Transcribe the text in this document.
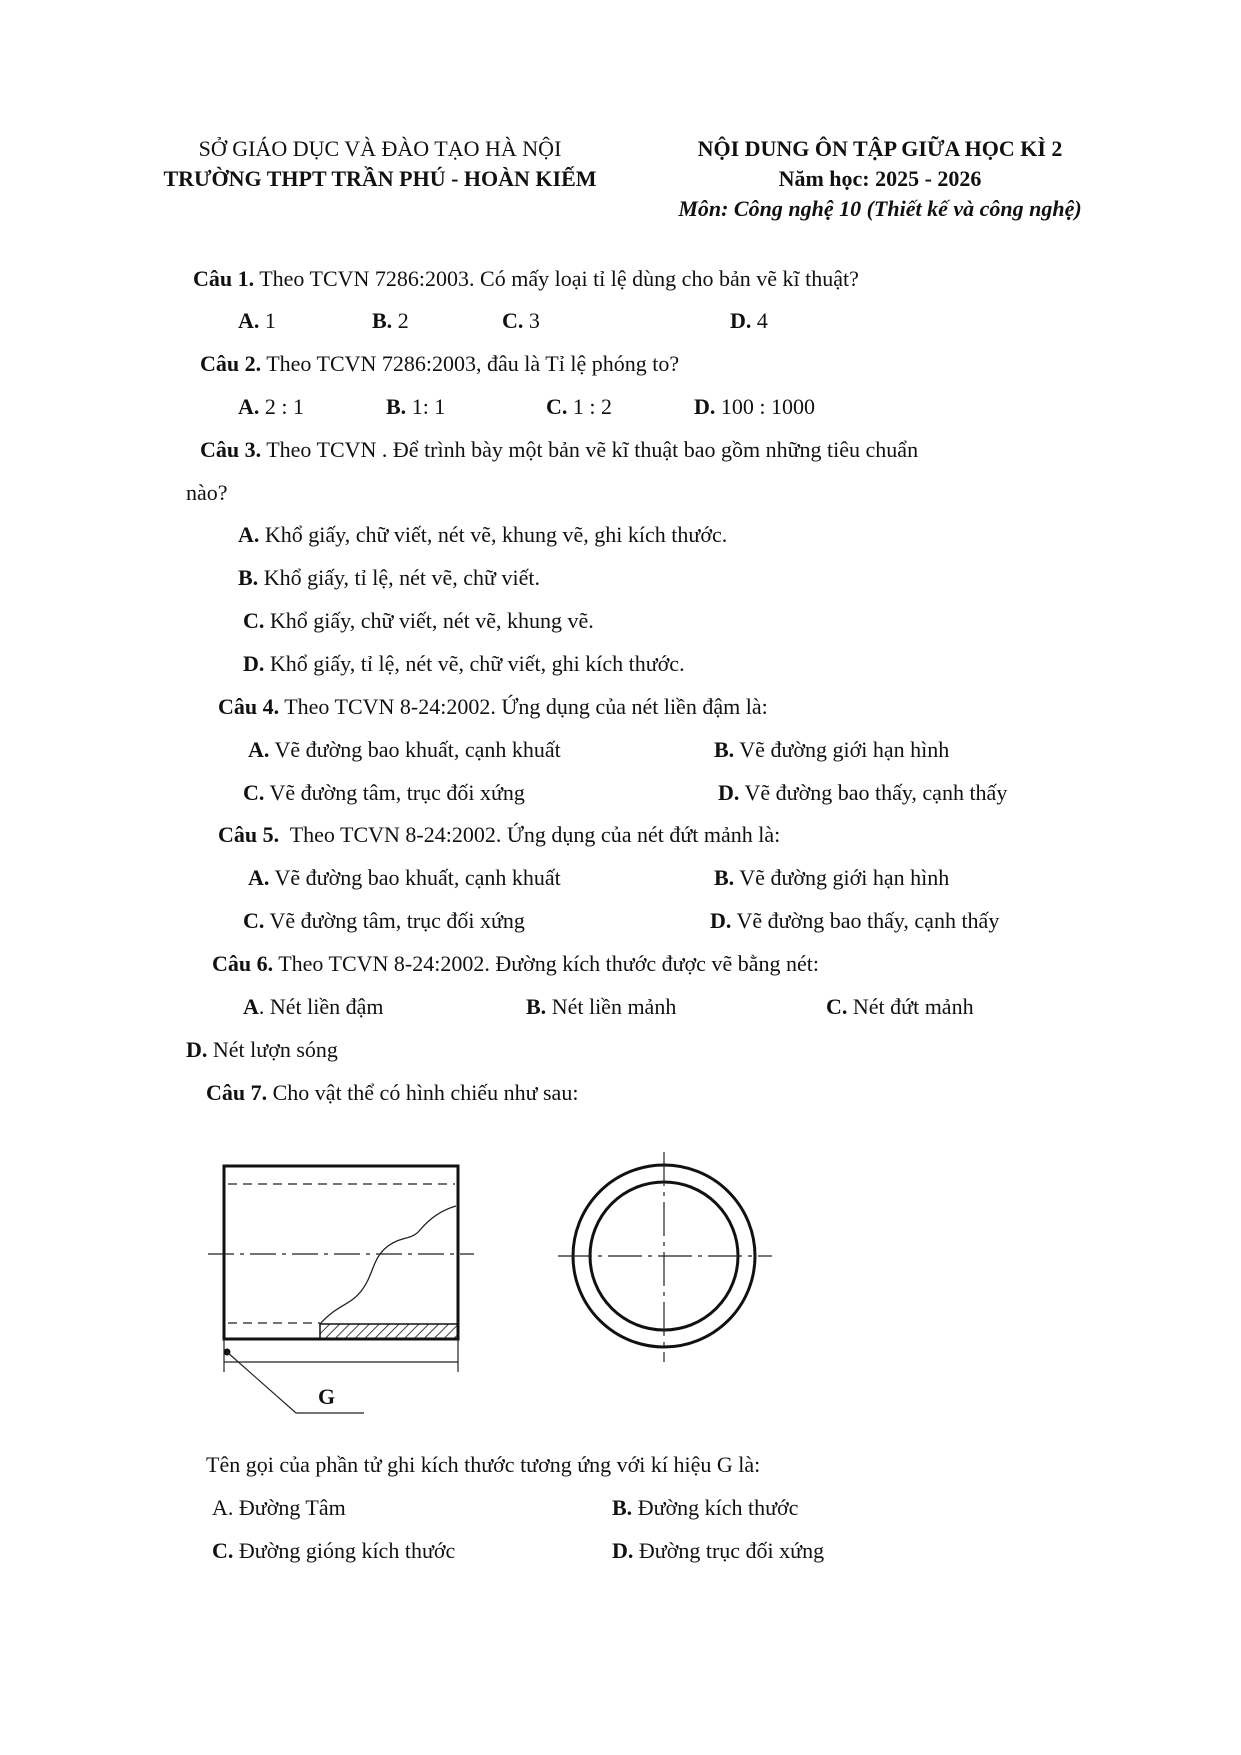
SỞ GIÁO DỤC VÀ ĐÀO TẠO HÀ NỘI
TRƯỜNG THPT TRẦN PHÚ - HOÀN KIẾM
NỘI DUNG ÔN TẬP GIỮA HỌC KÌ 2
Năm học: 2025 - 2026
Môn: Công nghệ 10 (Thiết kế và công nghệ)
Câu 1. Theo TCVN 7286:2003. Có mấy loại tỉ lệ dùng cho bản vẽ kĩ thuật?
A. 1	B. 2	C. 3	D. 4
Câu 2. Theo TCVN 7286:2003, đâu là Tỉ lệ phóng to?
A. 2 : 1	B. 1: 1	C. 1 : 2	D. 100 : 1000
Câu 3. Theo TCVN . Để trình bày một bản vẽ kĩ thuật bao gồm những tiêu chuẩn
nào?
A. Khổ giấy, chữ viết, nét vẽ, khung vẽ, ghi kích thước.
B. Khổ giấy, tỉ lệ, nét vẽ, chữ viết.
C. Khổ giấy, chữ viết, nét vẽ, khung vẽ.
D. Khổ giấy, tỉ lệ, nét vẽ, chữ viết, ghi kích thước.
Câu 4. Theo TCVN 8-24:2002. Ứng dụng của nét liền đậm là:
A. Vẽ đường bao khuất, cạnh khuất	B. Vẽ đường giới hạn hình
C. Vẽ đường tâm, trục đối xứng	D. Vẽ đường bao thấy, cạnh thấy
Câu 5.  Theo TCVN 8-24:2002. Ứng dụng của nét đứt mảnh là:
A. Vẽ đường bao khuất, cạnh khuất	B. Vẽ đường giới hạn hình
C. Vẽ đường tâm, trục đối xứng	D. Vẽ đường bao thấy, cạnh thấy
Câu 6. Theo TCVN 8-24:2002. Đường kích thước được vẽ bằng nét:
A. Nét liền đậm	B. Nét liền mảnh	C. Nét đứt mảnh
D. Nét lượn sóng
Câu 7. Cho vật thể có hình chiếu như sau:
G
Tên gọi của phần tử ghi kích thước tương ứng với kí hiệu G là:
A. Đường Tâm	B. Đường kích thước
C. Đường gióng kích thước	D. Đường trục đối xứng
